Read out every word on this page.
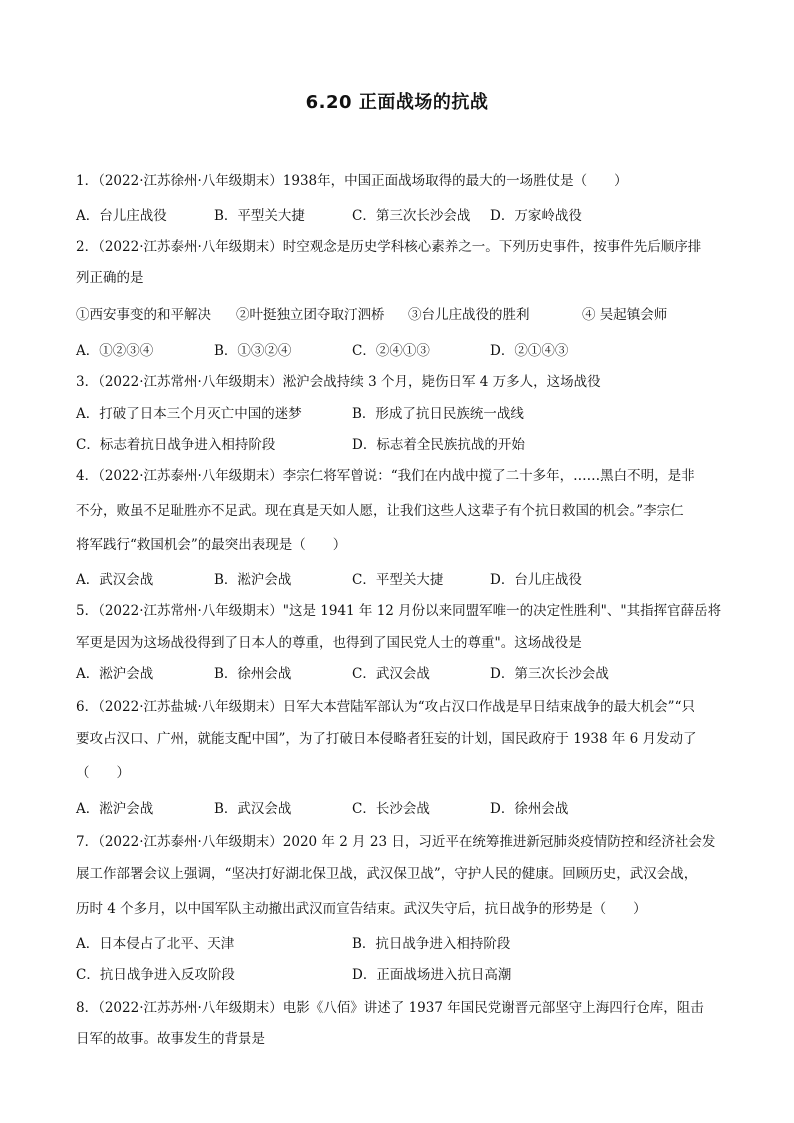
6.20 正面战场的抗战
1．（2022·江苏徐州·八年级期末）1938年，中国正面战场取得的最大的一场胜仗是（　　）
A．台儿庄战役	B．平型关大捷	C．第三次长沙会战 D．万家岭战役
2．（2022·江苏泰州·八年级期末）时空观念是历史学科核心素养之一。下列历史事件，按事件先后顺序排
列正确的是
①西安事变的和平解决 ②叶挺独立团夺取汀泗桥 ③台儿庄战役的胜利	④ 吴起镇会师
A．①②③④	B．①③②④	C．②④①③	D．②①④③
3．（2022·江苏常州·八年级期末）淞沪会战持续 3 个月，毙伤日军 4 万多人，这场战役
A．打破了日本三个月灭亡中国的迷梦	B．形成了抗日民族统一战线
C．标志着抗日战争进入相持阶段	D．标志着全民族抗战的开始
4．（2022·江苏泰州·八年级期末）李宗仁将军曾说：“我们在内战中搅了二十多年，……黑白不明，是非
不分，败虽不足耻胜亦不足武。现在真是天如人愿，让我们这些人这辈子有个抗日救国的机会。”李宗仁
将军践行“救国机会”的最突出表现是（　　）
A．武汉会战	B．淞沪会战	C．平型关大捷	D．台儿庄战役
5．（2022·江苏常州·八年级期末）"这是 1941 年 12 月份以来同盟军唯一的决定性胜利"、"其指挥官薛岳将
军更是因为这场战役得到了日本人的尊重，也得到了国民党人士的尊重"。这场战役是
A．淞沪会战	B．徐州会战	C．武汉会战	D．第三次长沙会战
6．（2022·江苏盐城·八年级期末）日军大本营陆军部认为“攻占汉口作战是早日结束战争的最大机会”“只
要攻占汉口、广州，就能支配中国”，为了打破日本侵略者狂妄的计划，国民政府于 1938 年 6 月发动了
（　　）
A．淞沪会战	B．武汉会战	C．长沙会战	D．徐州会战
7．（2022·江苏泰州·八年级期末）2020 年 2 月 23 日，习近平在统筹推进新冠肺炎疫情防控和经济社会发
展工作部署会议上强调，“坚决打好湖北保卫战，武汉保卫战”，守护人民的健康。回顾历史，武汉会战，
历时 4 个多月，以中国军队主动撤出武汉而宣告结束。武汉失守后，抗日战争的形势是（　　）
A．日本侵占了北平、天津	B．抗日战争进入相持阶段
C．抗日战争进入反攻阶段	D．正面战场进入抗日高潮
8．（2022·江苏苏州·八年级期末）电影《八佰》讲述了 1937 年国民党谢晋元部坚守上海四行仓库，阻击
日军的故事。故事发生的背景是
